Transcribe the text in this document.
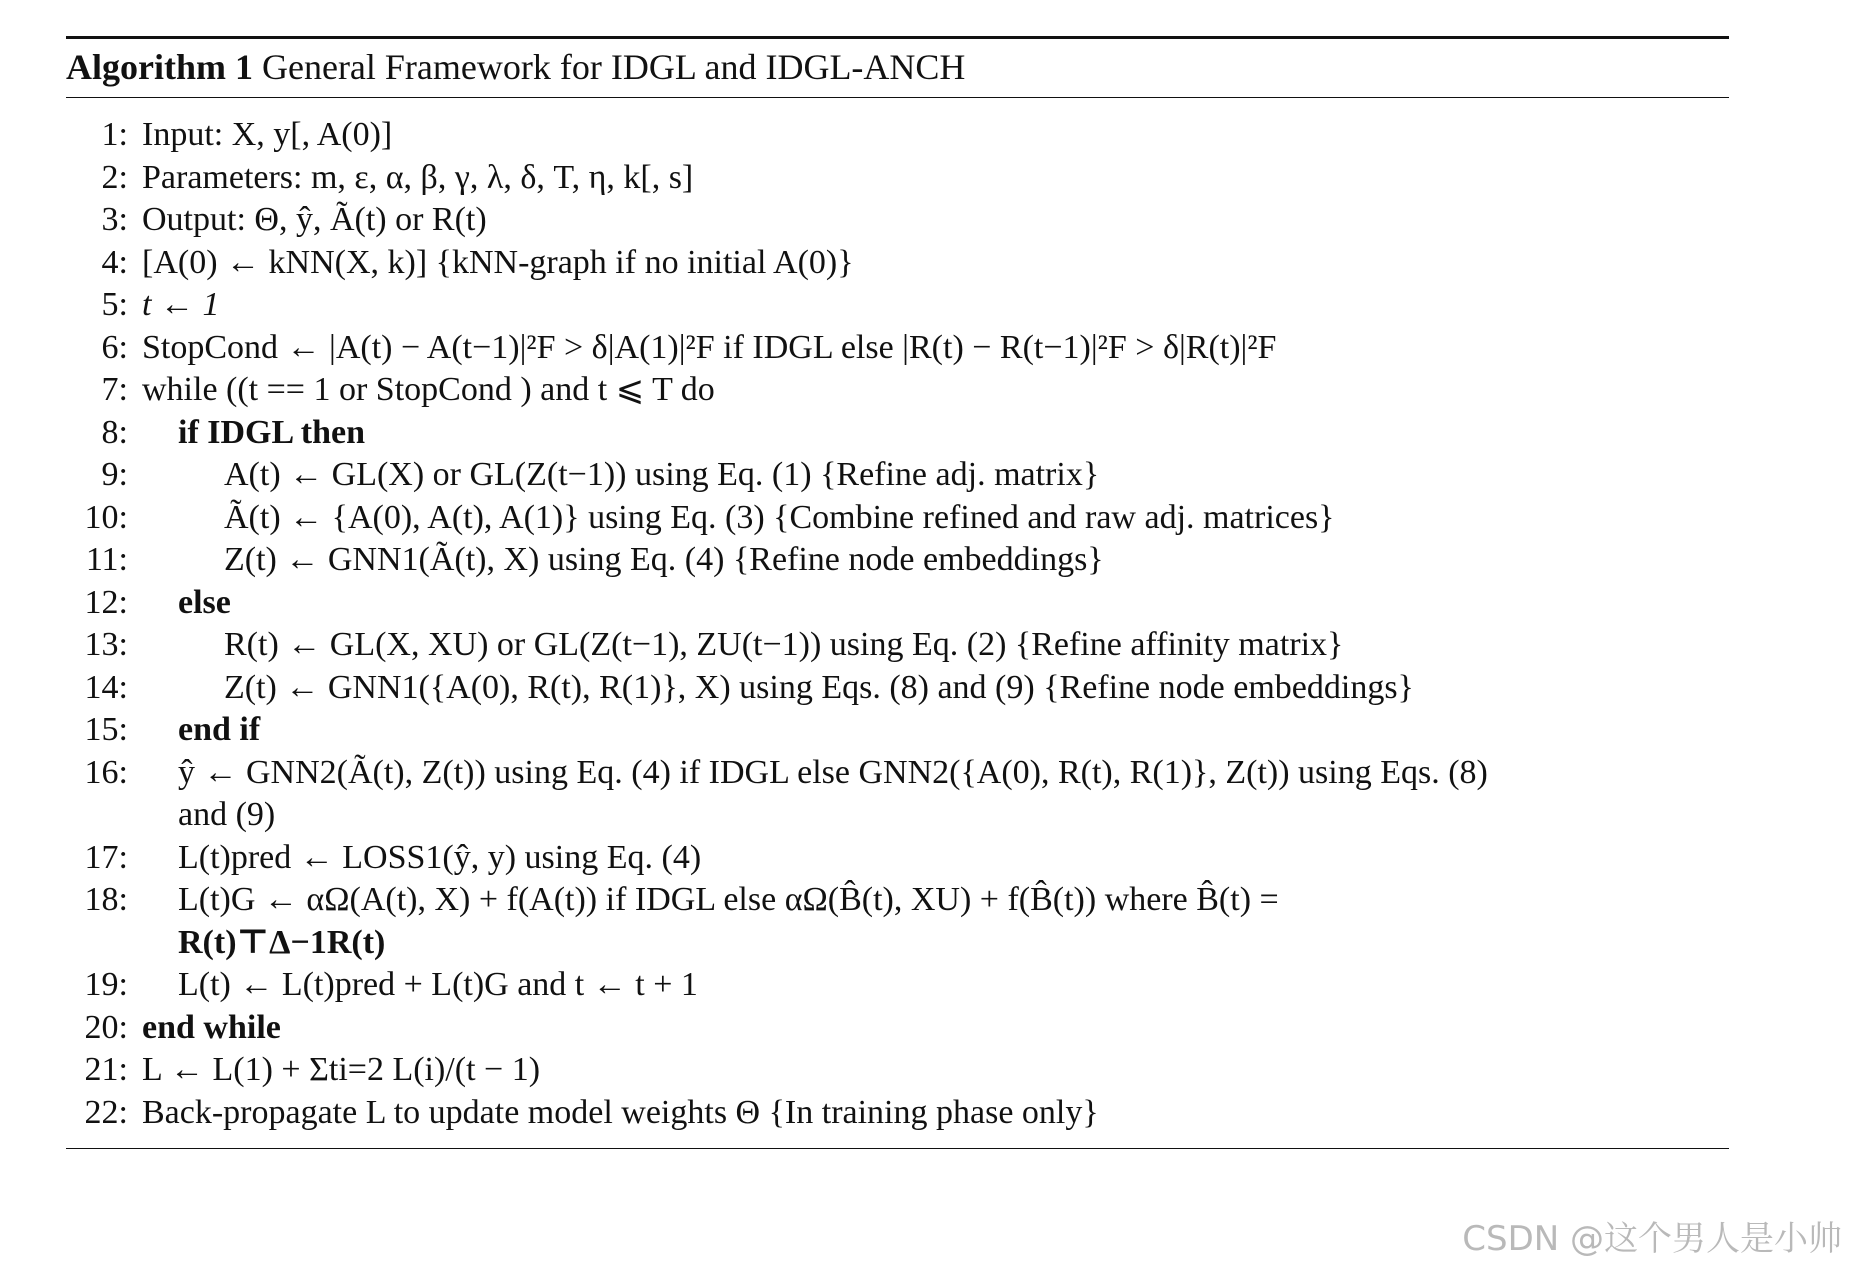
Algorithm 1 General Framework for IDGL and IDGL-ANCH
1: Input: X, y[, A(0)]
2: Parameters: m, ε, α, β, γ, λ, δ, T, η, k[, s]
3: Output: Θ, ŷ, Ã(t) or R(t)
4: [A(0) ← kNN(X, k)] {kNN-graph if no initial A(0)}
5: t ← 1
6: StopCond ← |A(t) − A(t−1)|²F > δ|A(1)|²F if IDGL else |R(t) − R(t−1)|²F > δ|R(t)|²F
7: while ((t == 1 or StopCond ) and t ⩽ T do
8:	if IDGL then
9:	A(t) ← GL(X) or GL(Z(t−1)) using Eq. (1) {Refine adj. matrix}
10:	Ã(t) ← {A(0), A(t), A(1)} using Eq. (3) {Combine refined and raw adj. matrices}
11:	Z(t) ← GNN1(Ã(t), X) using Eq. (4) {Refine node embeddings}
12:	else
13:	R(t) ← GL(X, XU) or GL(Z(t−1), ZU(t−1)) using Eq. (2) {Refine affinity matrix}
14:	Z(t) ← GNN1({A(0), R(t), R(1)}, X) using Eqs. (8) and (9) {Refine node embeddings}
15:	end if
16:	ŷ ← GNN2(Ã(t), Z(t)) using Eq. (4) if IDGL else GNN2({A(0), R(t), R(1)}, Z(t)) using Eqs. (8)
and (9)
17:	L(t)pred ← LOSS1(ŷ, y) using Eq. (4)
18:	L(t)G ← αΩ(A(t), X) + f(A(t)) if IDGL else αΩ(B̂(t), XU) + f(B̂(t)) where B̂(t) =
R(t)⊤Δ−1R(t)
19:	L(t) ← L(t)pred + L(t)G and t ← t + 1
20: end while
21: L ← L(1) + Σti=2 L(i)/(t − 1)
22: Back-propagate L to update model weights Θ {In training phase only}
CSDN @这个男人是小帅
